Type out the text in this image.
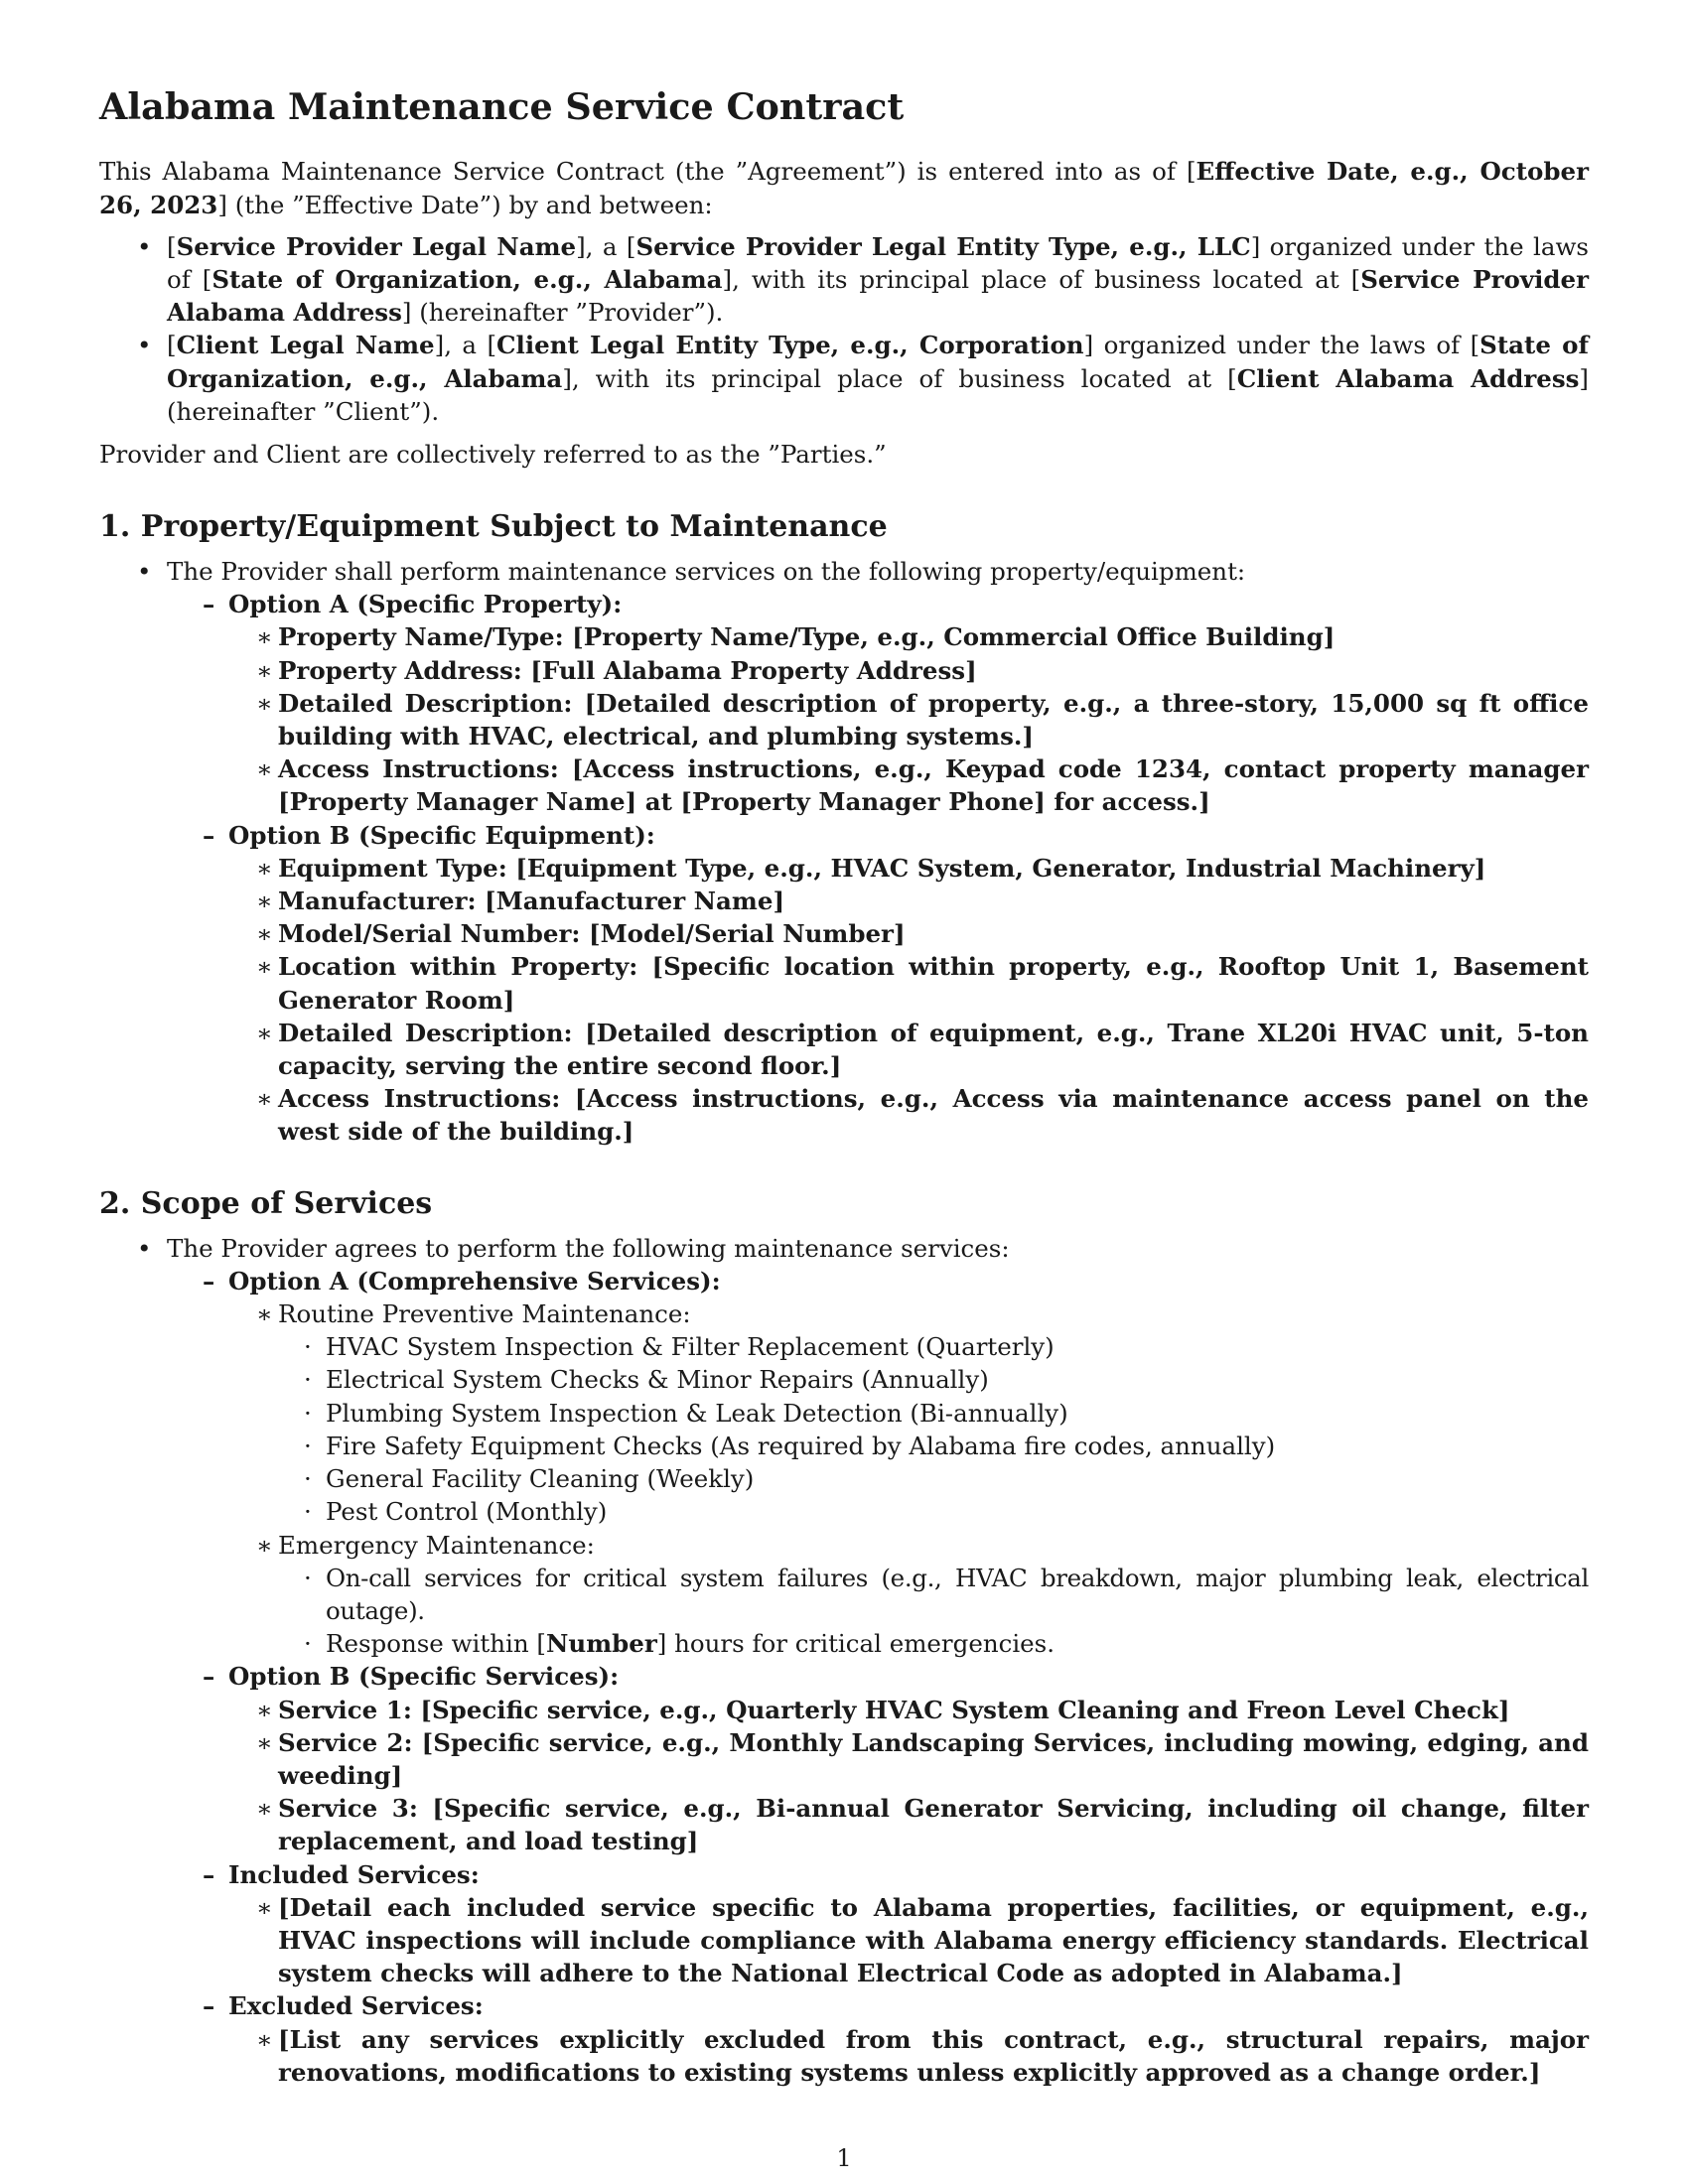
Alabama Maintenance Service Contract

This Alabama Maintenance Service Contract (the ”Agreement”) is entered into as of [Effective Date, e.g., October 26, 2023] (the ”Effective Date”) by and between:

• [Service Provider Legal Name], a [Service Provider Legal Entity Type, e.g., LLC] organized under the laws of [State of Organization, e.g., Alabama], with its principal place of business located at [Service Provider Alabama Address] (hereinafter ”Provider”).
• [Client Legal Name], a [Client Legal Entity Type, e.g., Corporation] organized under the laws of [State of Organization, e.g., Alabama], with its principal place of business located at [Client Alabama Address] (hereinafter ”Client”).

Provider and Client are collectively referred to as the ”Parties.”

1. Property/Equipment Subject to Maintenance
• The Provider shall perform maintenance services on the following property/equipment:
– Option A (Specific Property):
∗ Property Name/Type: [Property Name/Type, e.g., Commercial Office Building]
∗ Property Address: [Full Alabama Property Address]
∗ Detailed Description: [Detailed description of property, e.g., a three-story, 15,000 sq ft office building with HVAC, electrical, and plumbing systems.]
∗ Access Instructions: [Access instructions, e.g., Keypad code 1234, contact property manager [Property Manager Name] at [Property Manager Phone] for access.]
– Option B (Specific Equipment):
∗ Equipment Type: [Equipment Type, e.g., HVAC System, Generator, Industrial Machinery]
∗ Manufacturer: [Manufacturer Name]
∗ Model/Serial Number: [Model/Serial Number]
∗ Location within Property: [Specific location within property, e.g., Rooftop Unit 1, Basement Generator Room]
∗ Detailed Description: [Detailed description of equipment, e.g., Trane XL20i HVAC unit, 5-ton capacity, serving the entire second floor.]
∗ Access Instructions: [Access instructions, e.g., Access via maintenance access panel on the west side of the building.]
2. Scope of Services
• The Provider agrees to perform the following maintenance services:
– Option A (Comprehensive Services):
∗ Routine Preventive Maintenance:
· HVAC System Inspection & Filter Replacement (Quarterly)
· Electrical System Checks & Minor Repairs (Annually)
· Plumbing System Inspection & Leak Detection (Bi-annually)
· Fire Safety Equipment Checks (As required by Alabama fire codes, annually)
· General Facility Cleaning (Weekly)
· Pest Control (Monthly)
∗ Emergency Maintenance:
· On-call services for critical system failures (e.g., HVAC breakdown, major plumbing leak, electrical outage).
· Response within [Number] hours for critical emergencies.
– Option B (Specific Services):
∗ Service 1: [Specific service, e.g., Quarterly HVAC System Cleaning and Freon Level Check]
∗ Service 2: [Specific service, e.g., Monthly Landscaping Services, including mowing, edging, and weeding]
∗ Service 3: [Specific service, e.g., Bi-annual Generator Servicing, including oil change, filter replacement, and load testing]
– Included Services:
∗ [Detail each included service specific to Alabama properties, facilities, or equipment, e.g., HVAC inspections will include compliance with Alabama energy efficiency standards. Electrical system checks will adhere to the National Electrical Code as adopted in Alabama.]
– Excluded Services:
∗ [List any services explicitly excluded from this contract, e.g., structural repairs, major renovations, modifications to existing systems unless explicitly approved as a change order.]
1
